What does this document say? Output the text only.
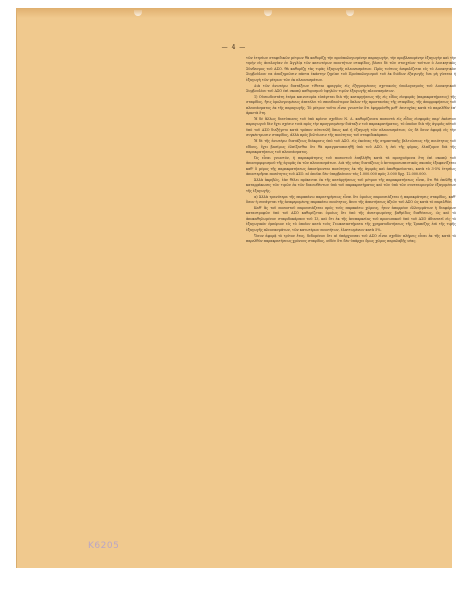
— 4 —

τῶν ἐτησίων σταφιδικῶν μέτρων θὰ καθορίζῃ τὴν προϋπολογισμένην παραγωγήν, τὴν προβλεπομένην ἐξαγωγὴν καὶ τὴν τιμὴν εἰς ἀναλογίαν ἐν Ἀγγλίᾳ τῶν κατωτέρων ποιοτήτων σταφίδος, βάσει δὲ τῶν στοιχείων τούτων ὁ Διοικητικὸς Σύνδεσμος τοῦ ΑΣΟ. θὰ καθορίζῃ τὰς τιμὰς ἐξαγωγῆς πλεονασμάτων. Πρὸς τούτοις ἀσφαλίζεται εἰς τὸ Διοικητικὸν Συμβούλιον να ἀποζημιῶσιν πάντα ἑκάστην ζημίαν τοῦ Προϋπολογισμοῦ τοῦ ἐκ διόδων ἐξαγωγῆς ἵνα μὴ γίνεται ἡ ἐξαγωγὴ τῶν μέτρων τῶν ἐκ πλεονασμάτων.

Διὰ τῶν ἀνωτέρω διατάξεων τίθεται φραγμὸς εἰς ἐξηγουμένους σχετικοὺς ὑπολογισμοὺς τοῦ Διοικητικοῦ Συμβουλίου τοῦ ΑΣΟ ἐπὶ σκοπῷ καθορισμοῦ ὑψηλῶν τιμῶν ἐξαγωγῆς πλεονασμάτων.

1) Οὐσιωδεστάτη ἑτέρα καινοτομία εἰσάγεται διὰ τῆς καταργήσεως τῆς εἰς εἶδος εἰσφορᾶς (παρακρατήματος) τῆς σταφίδος, ἥτις ὁμολογουμένως ἀπετέλει τὸ σπουδαιότερον ὅπλον τῆς προστασίας τῆς σταφίδος, τῆς ἀπορροφήσεως τοῦ πλεονάσματος ἐκ τῆς παραγωγῆς. Τὸ μέτρον τοῦτο εἶναι γνωστὸν ὅτι ἐφηρμόσθη μεθ' ἐπιτυχίας κατὰ τὸ παρελθὸν ἐπ' ἀρκετὰ ἔτη.

Ἡ δὲ ἄλλως διατύπωσις τοῦ ὑπὸ κρίσιν σχεδίου Ν. Δ. καθορίζουσα ποσοστὰ εἰς εἶδος εἰσφορᾶς παρ' ἑκάστου παραγωγοῦ δὲν ἔχει σχέσιν τινὰ πρὸς τὴν προηγουμένην διάταξιν τοῦ παρακρατήματος, τὸ ὁποῖον διὰ τῆς ἀγορᾶς αὐτοῦ ὑπὸ τοῦ ΑΣΟ διεξήγετο κατὰ τρόπον αὐτοτελῆ ὅπως καὶ ἡ ἐξαγωγὴ τῶν πλεονασμάτων, ὡς δὲ ὅσον ἀφορᾷ εἰς τὴν συγκέντρωσιν σταφίδος, ἀλλὰ πρὸς βελτίωσιν τῆς ποιότητος τοῦ σταφιδοκάρπου.

Ἡ δὲ τῆς ἀνωτέρω διατάξεως διάκρισις ὑπὸ τοῦ ΑΣΟ. εἰς ἐκείνας τῆς σημαντικῆς βελτιώσεως τῆς ποιότητος τοῦ εἴδους, ἔχει βασίμως ἐλπίζεσθαι ὅτι θὰ πραγματοποιηθῇ ὑπὸ τοῦ ΑΣΟ. ἡ ἐπὶ τῆς φύρας, ἐλπίζομεν διὰ τῆς παρακρατήσεως τοῦ πλεονάσματος.

Ὡς εἶναι γνωστόν, ἡ παρακράτησις τοῦ ποσοστοῦ ἐπεβλήθη κατὰ τὰ προηγούμενα ἔτη ἐπὶ σκοπῷ τοῦ ἀποσυμφορισμοῦ τῆς ἀγορᾶς ἐκ τῶν πλεονασμάτων. Διὰ τῆς νέας διατάξεως ὁ ἀντιπροσωπευτικὸς σκοπὸς ἐξαφανίζεται καθ' ὃ μέρος τῆς παρακρατήσεως ἀποσύρονται ποσότητες ἐκ τῆς ἀγορᾶς καὶ ἀποθηκεύονται, κατὰ τὸ 3-5% ἐτησίως ἀποστερῆσαι ποσότητες τοῦ ΑΣΟ. αἱ ὁποῖαι δὲν ὑπερβαίνουν τὰς 1.000.000 πρὸς 3.000 δρχ. 12.000.000.

Ἀλλὰ ἀκριβῶς, ἐὰν θέλει πρόκειται ἐκ τῆς κατάργήσεως τοῦ μέτρου τῆς παρακρατήσεως εἶναι, ὅτι θὰ ἐπέλθῃ ἡ καταρράκωσις τῶν τιμῶν ἐκ τῶν διασωθέντων ὑπὸ τοῦ παρακρατήματος καὶ τῶν ὑπὸ τῶν συνεταιρισμῶν ἐξαγομένων τῆς ἐξαγωγῆς.

α) Ἀλλὰ τρανότερα τῆς παραπάνω παρατηρήσεως εἶναι ὅτι ὁμοίως παρουσιάζεται ἡ παρακράτησις σταφίδος, καθ' ὅσον ἡ συνάγεται τῆς ἀναφερομένης παρακάτω ποιότητος, ἄνευ τῆς ἀπαιτήσεως ἀξιῶν τοῦ ΑΣΟ ὡς κατὰ τὸ παρελθόν.

Καθ' ἃς τοῦ ποσοστοῦ παρουσιάζεται πρὸς τοὺς παρακάτω χώρους, ἦτον ἀπορρέον ἐλλειμμάτων ἡ διαφόρων καταστροφῶν ὑπὸ τοῦ ΑΣΟ καθορίζεται ὁμοίως ὅτι ὑπὸ τῆς ἀνατιμωμένης βαθμίδος διαθέσεως, ὡς καὶ τὸ ἀποκαθηλωμένον σταφιδοκάρπου τοῦ 13, καὶ ὅτι ἐκ τῆς ἀνεπαρκείας τοῦ προσωπικοῦ ὑπὸ τοῦ ΑΣΟ ἀδυνατεῖ εἰς τὸ ἐξαγωγικὸν ἐμπόριον εἰς τὸ ὁποῖον κατὰ τοὺς Γεωκαταστήματα τῆς χρηματοδοτήσεως τῆς Τραπέζης ἐπὶ τῆς τιμῆς ἐξαγωγῆς πλεονασμάτων, τῶν κατωτέρων ποιοτήτων, ἐλαττωμένων κατὰ 5%.

Ὅσον ἀφορᾷ τὸ τρίτον ἔτος, δεδομένου ὅτι αἱ ὑπάρχουσαι τοῦ ΑΣΟ εἶναι σχεδὸν πλήρεις εἶναι ἐκ τῆς κατὰ τὸ παρελθὸν παρακρατήσεως χρόνους σταφίδος, οὐδὲν ὅτι δὲν ὑπάρχει ὅμως χῶρος παραλαβῆς νέας.

Κ6205
